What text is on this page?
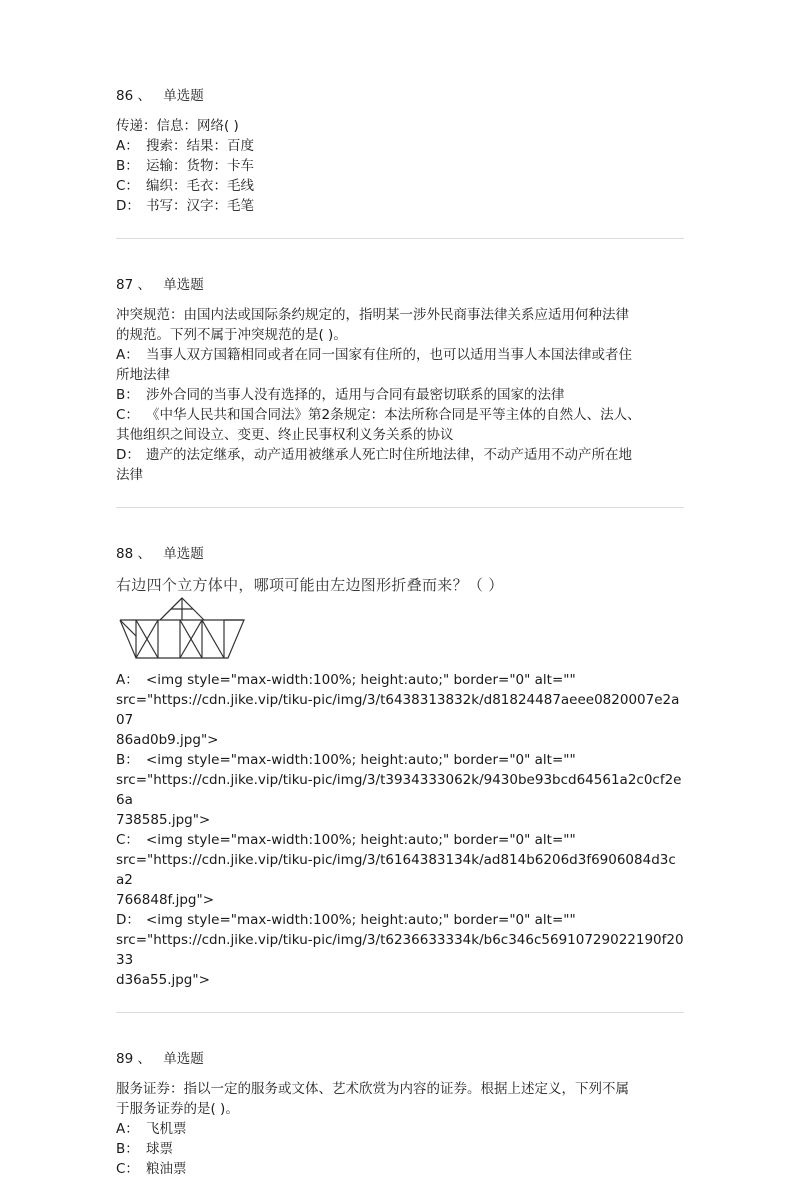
86 、 单选题
传递：信息：网络( )
A： 搜索：结果：百度
B： 运输：货物：卡车
C： 编织：毛衣：毛线
D： 书写：汉字：毛笔
87 、 单选题
冲突规范：由国内法或国际条约规定的，指明某一涉外民商事法律关系应适用何种法律
的规范。下列不属于冲突规范的是( )。
A： 当事人双方国籍相同或者在同一国家有住所的，也可以适用当事人本国法律或者住
所地法律
B： 涉外合同的当事人没有选择的，适用与合同有最密切联系的国家的法律
C： 《中华人民共和国合同法》第2条规定：本法所称合同是平等主体的自然人、法人、
其他组织之间设立、变更、终止民事权利义务关系的协议
D： 遗产的法定继承，动产适用被继承人死亡时住所地法律，不动产适用不动产所在地
法律
88 、 单选题
右边四个立方体中，哪项可能由左边图形折叠而来？（ ）
A： <img style="max-width:100%; height:auto;" border="0" alt=""
src="https://cdn.jike.vip/tiku-pic/img/3/t6438313832k/d81824487aeee0820007e2a07
86ad0b9.jpg">
B： <img style="max-width:100%; height:auto;" border="0" alt=""
src="https://cdn.jike.vip/tiku-pic/img/3/t3934333062k/9430be93bcd64561a2c0cf2e6a
738585.jpg">
C： <img style="max-width:100%; height:auto;" border="0" alt=""
src="https://cdn.jike.vip/tiku-pic/img/3/t6164383134k/ad814b6206d3f6906084d3ca2
766848f.jpg">
D： <img style="max-width:100%; height:auto;" border="0" alt=""
src="https://cdn.jike.vip/tiku-pic/img/3/t6236633334k/b6c346c56910729022190f2033
d36a55.jpg">
89 、 单选题
服务证券：指以一定的服务或文体、艺术欣赏为内容的证券。根据上述定义，下列不属
于服务证券的是( )。
A： 飞机票
B： 球票
C： 粮油票
